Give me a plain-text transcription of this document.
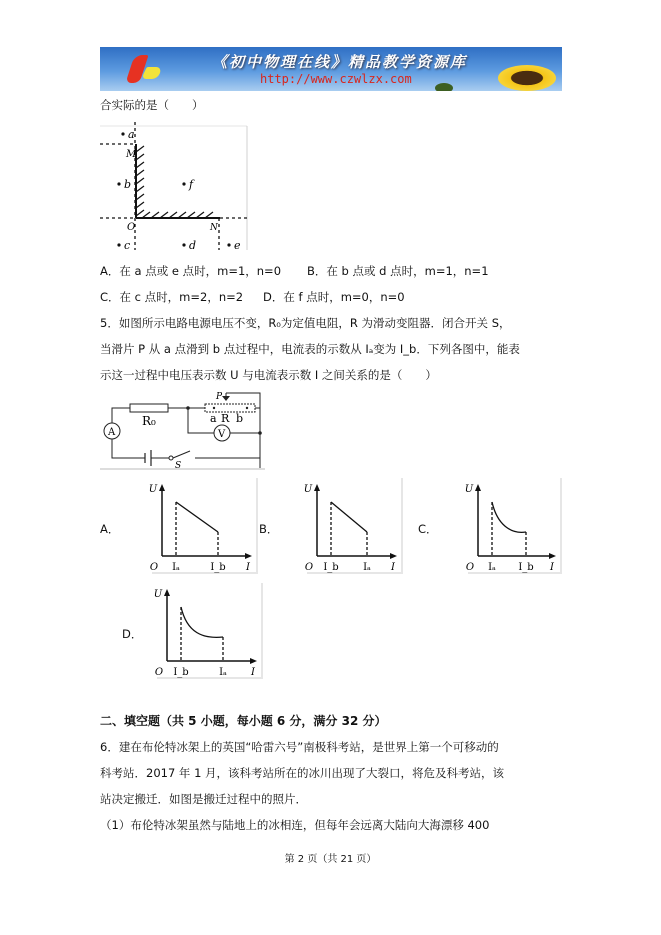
《初中物理在线》精品教学资源库
http://www.czwlzx.com
合实际的是（　　）
a
M
b	f
O	N
c	d	e
A．在 a 点或 e 点时，m=1，n=0 B．在 b 点或 d 点时，m=1，n=1
C．在 c 点时，m=2，n=2 D．在 f 点时，m=0，n=0
5．如图所示电路电源电压不变，R₀为定值电阻，R 为滑动变阻器．闭合开关 S，
当滑片 P 从 a 点滑到 b 点过程中，电流表的示数从 Iₐ变为 I_b．下列各图中，能表
示这一过程中电压表示数 U 与电流表示数 I 之间关系的是（　　）
P
a R b
R₀
A	V
S
A．
U
O Iₐ	I_b I
B．
U
O I_b Iₐ I
C．
U
O Iₐ I_b I
D．
U
O I_b	Iₐ I
二、填空题（共 5 小题，每小题 6 分，满分 32 分）
6．建在布伦特冰架上的英国“哈雷六号”南极科考站，是世界上第一个可移动的
科考站．2017 年 1 月，该科考站所在的冰川出现了大裂口，将危及科考站，该
站决定搬迁．如图是搬迁过程中的照片．
（1）布伦特冰架虽然与陆地上的冰相连，但每年会远离大陆向大海漂移 400
第 2 页（共 21 页）
